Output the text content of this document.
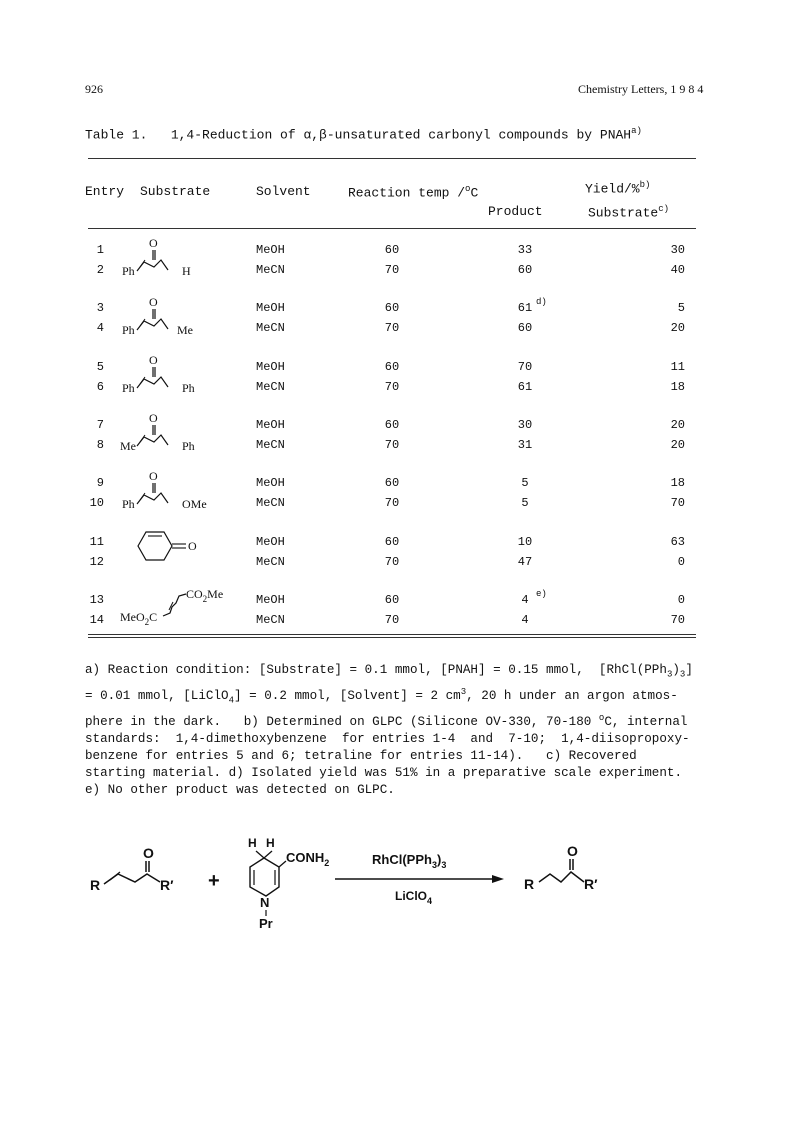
926	Chemistry Letters, 1 9 8 4
Table 1. 1,4-Reduction of α,β-unsaturated carbonyl compounds by PNAH$^{a)}$
Entry Substrate	Solvent	Reaction temp /$^o$C	Yield/%$^{b)}$
Product	Substrate$^{c)}$
1	MeOH	60	33	30
2	MeCN	70	60	40
3	MeOH	60	61 $^{d)}$	5
4	MeCN	70	60	20
5	MeOH	60	70	11
6	MeCN	70	61	18
7	MeOH	60	30	20
8	MeCN	70	31	20
9	MeOH	60	5	18
10	MeCN	70	5	70
11	MeOH	60	10	63
12	MeCN	70	47	0
13	MeOH	60	4 $^{e)}$	0
14	MeCN	70	4	70
O
Ph	H
O
Ph	Me
O
Ph	Ph
O
Me	Ph
O
Ph	OMe
O
MeO$_2$C
$CO_2Me$
a) Reaction condition: [Substrate] = 0.1 mmol, [PNAH] = 0.15 mmol,  $[RhCl(PPh_3)_3]$
= 0.01 mmol, [LiClO$_4$] = 0.2 mmol, [Solvent] = 2 $cm^3$, 20 h under an argon atmos-
phere in the dark.   b) Determined on GLPC (Silicone OV-330, 70-180 $^o$C, internal
standards:  1,4-dimethoxybenzene  for entries 1-4  and  7-10;  1,4-diisopropoxy-
benzene for entries 5 and 6; tetraline for entries 11-14).   c) Recovered
starting material. d) Isolated yield was 51% in a preparative scale experiment.
e) No other product was detected on GLPC.
O
R	R′ +
H H
$CONH_2$
N
Pr
$RhCl(PPh_3)_3$
LiClO$_4$
O
R	R′
